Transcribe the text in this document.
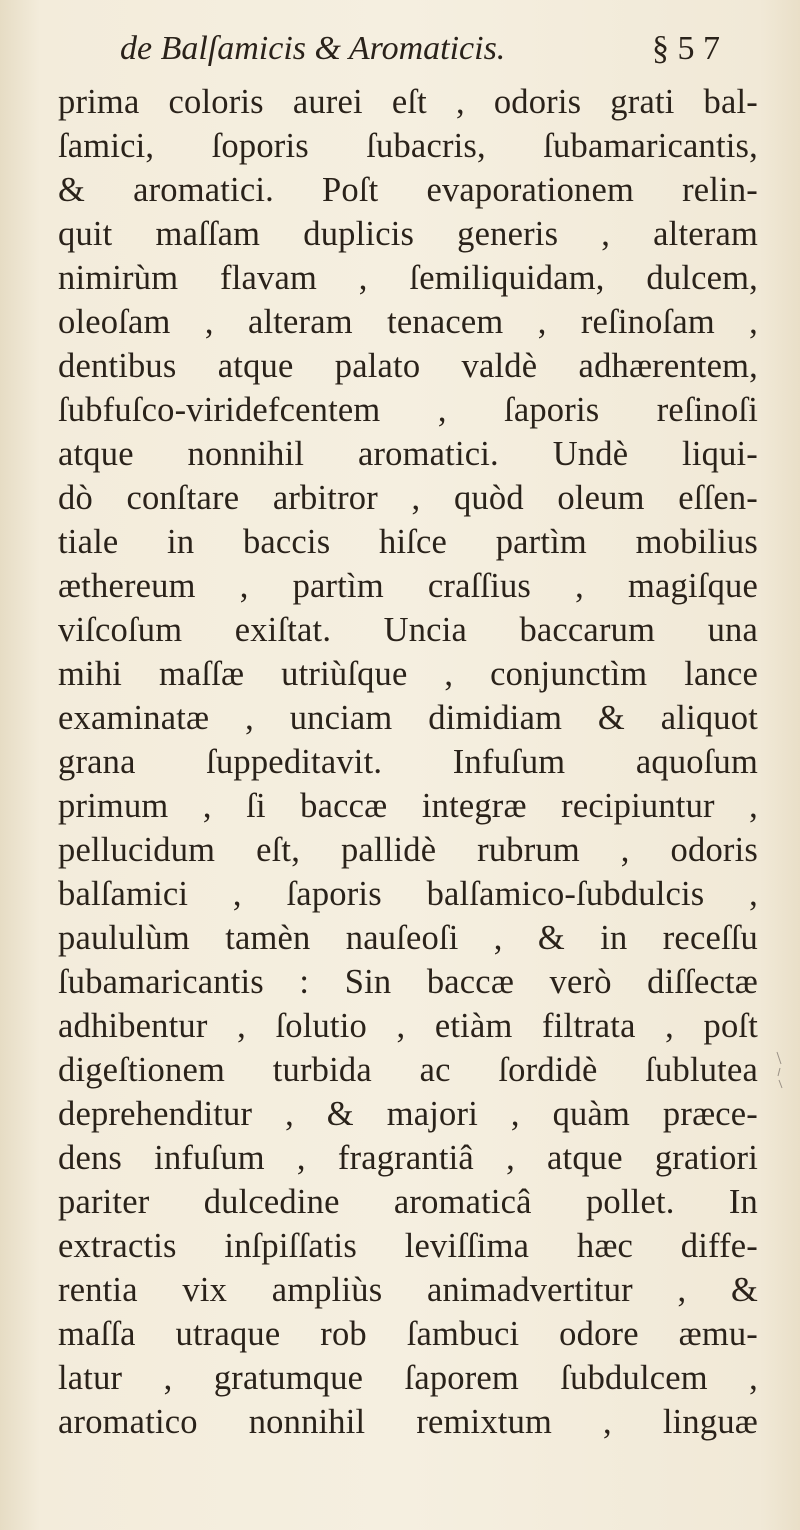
de Balſamicis & Aromaticis.	§ 5 7
prima coloris aurei eſt , odoris grati bal-
ſamici, ſoporis ſubacris, ſubamaricantis,
& aromatici. Poſt evaporationem relin-
quit maſſam duplicis generis , alteram
nimirùm flavam , ſemiliquidam, dulcem,
oleoſam , alteram tenacem , reſinoſam ,
dentibus atque palato valdè adhærentem,
ſubfuſco-viridefcentem , ſaporis reſinoſi
atque nonnihil aromatici. Undè liqui-
dò conſtare arbitror , quòd oleum eſſen-
tiale in baccis hiſce partìm mobilius
æthereum , partìm craſſius , magiſque
viſcoſum exiſtat. Uncia baccarum una
mihi maſſæ utriùſque , conjunctìm lance
examinatæ , unciam dimidiam & aliquot
grana ſuppeditavit. Infuſum aquoſum
primum , ſi baccæ integræ recipiuntur ,
pellucidum eſt, pallidè rubrum , odoris
balſamici , ſaporis balſamico-ſubdulcis ,
paululùm tamèn nauſeoſi , & in receſſu
ſubamaricantis : Sin baccæ verò diſſectæ
adhibentur , ſolutio , etiàm filtrata , poſt
digeſtionem turbida ac ſordidè ſublutea
deprehenditur , & majori , quàm præce-
dens infuſum , fragrantiâ , atque gratiori
pariter dulcedine aromaticâ pollet. In
extractis inſpiſſatis leviſſima hæc diffe-
rentia vix ampliùs animadvertitur , &
maſſa utraque rob ſambuci odore æmu-
latur , gratumque ſaporem ſubdulcem ,
aromatico nonnihil remixtum , linguæ
